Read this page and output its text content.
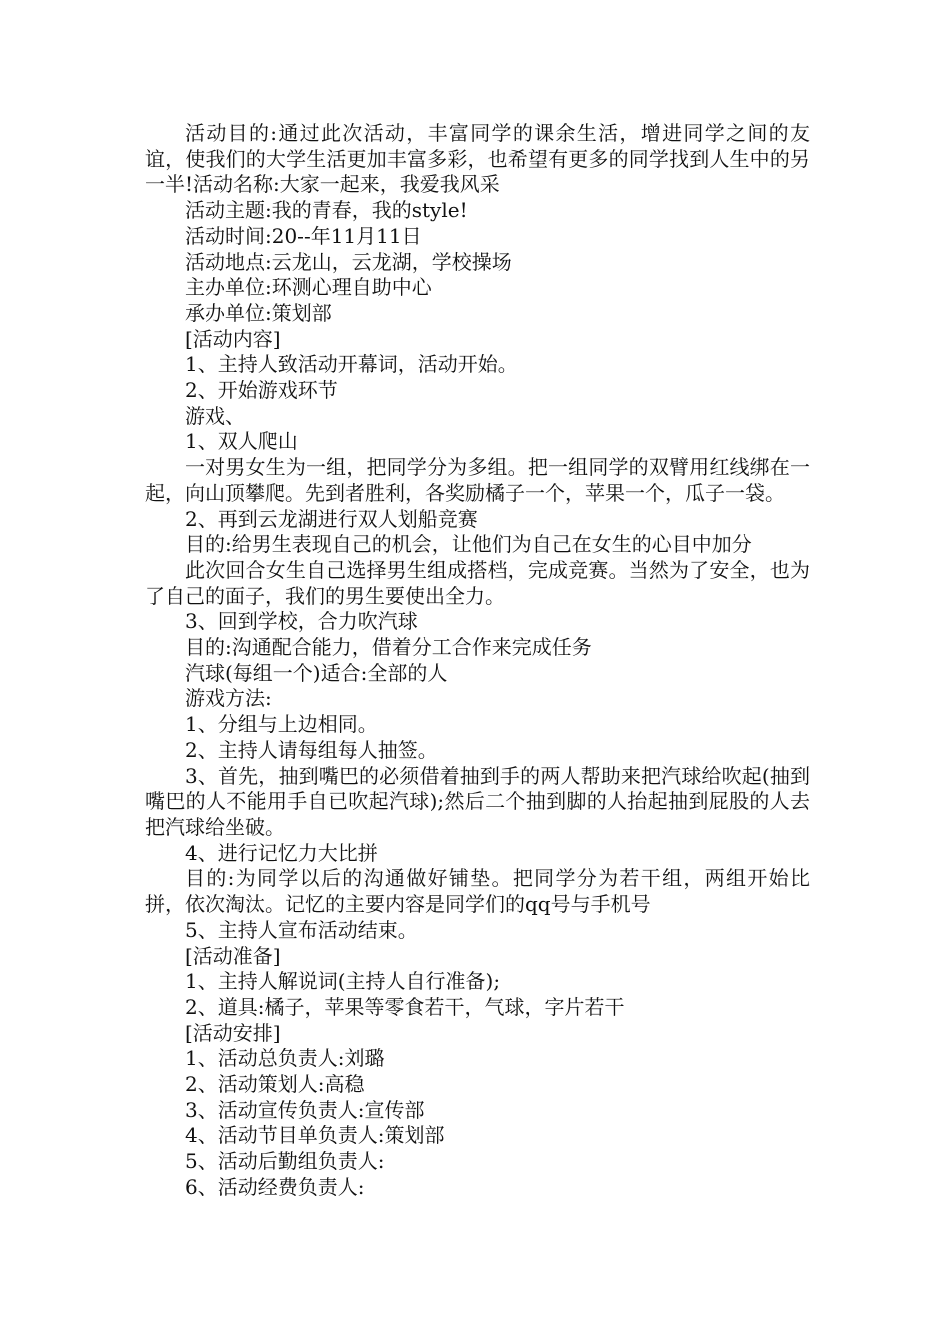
活动目的:通过此次活动，丰富同学的课余生活，增进同学之间的友谊，使我们的大学生活更加丰富多彩，也希望有更多的同学找到人生中的另一半!活动名称:大家一起来，我爱我风采

活动主题:我的青春，我的style!

活动时间:20--年11月11日

活动地点:云龙山，云龙湖，学校操场

主办单位:环测心理自助中心

承办单位:策划部

[活动内容]

1、主持人致活动开幕词，活动开始。

2、开始游戏环节

游戏、

1、双人爬山

一对男女生为一组，把同学分为多组。把一组同学的双臂用红线绑在一起，向山顶攀爬。先到者胜利，各奖励橘子一个，苹果一个，瓜子一袋。

2、再到云龙湖进行双人划船竞赛

目的:给男生表现自己的机会，让他们为自己在女生的心目中加分

此次回合女生自己选择男生组成搭档，完成竞赛。当然为了安全，也为了自己的面子，我们的男生要使出全力。

3、回到学校，合力吹汽球

目的:沟通配合能力，借着分工合作来完成任务

汽球(每组一个)适合:全部的人

游戏方法:

1、分组与上边相同。

2、主持人请每组每人抽签。

3、首先，抽到嘴巴的必须借着抽到手的两人帮助来把汽球给吹起(抽到嘴巴的人不能用手自已吹起汽球);然后二个抽到脚的人抬起抽到屁股的人去把汽球给坐破。

4、进行记忆力大比拼

目的:为同学以后的沟通做好铺垫。把同学分为若干组，两组开始比拼，依次淘汰。记忆的主要内容是同学们的qq号与手机号

5、主持人宣布活动结束。

[活动准备]

1、主持人解说词(主持人自行准备);

2、道具:橘子，苹果等零食若干，气球，字片若干

[活动安排]

1、活动总负责人:刘璐

2、活动策划人:高稳

3、活动宣传负责人:宣传部

4、活动节目单负责人:策划部

5、活动后勤组负责人:

6、活动经费负责人:
